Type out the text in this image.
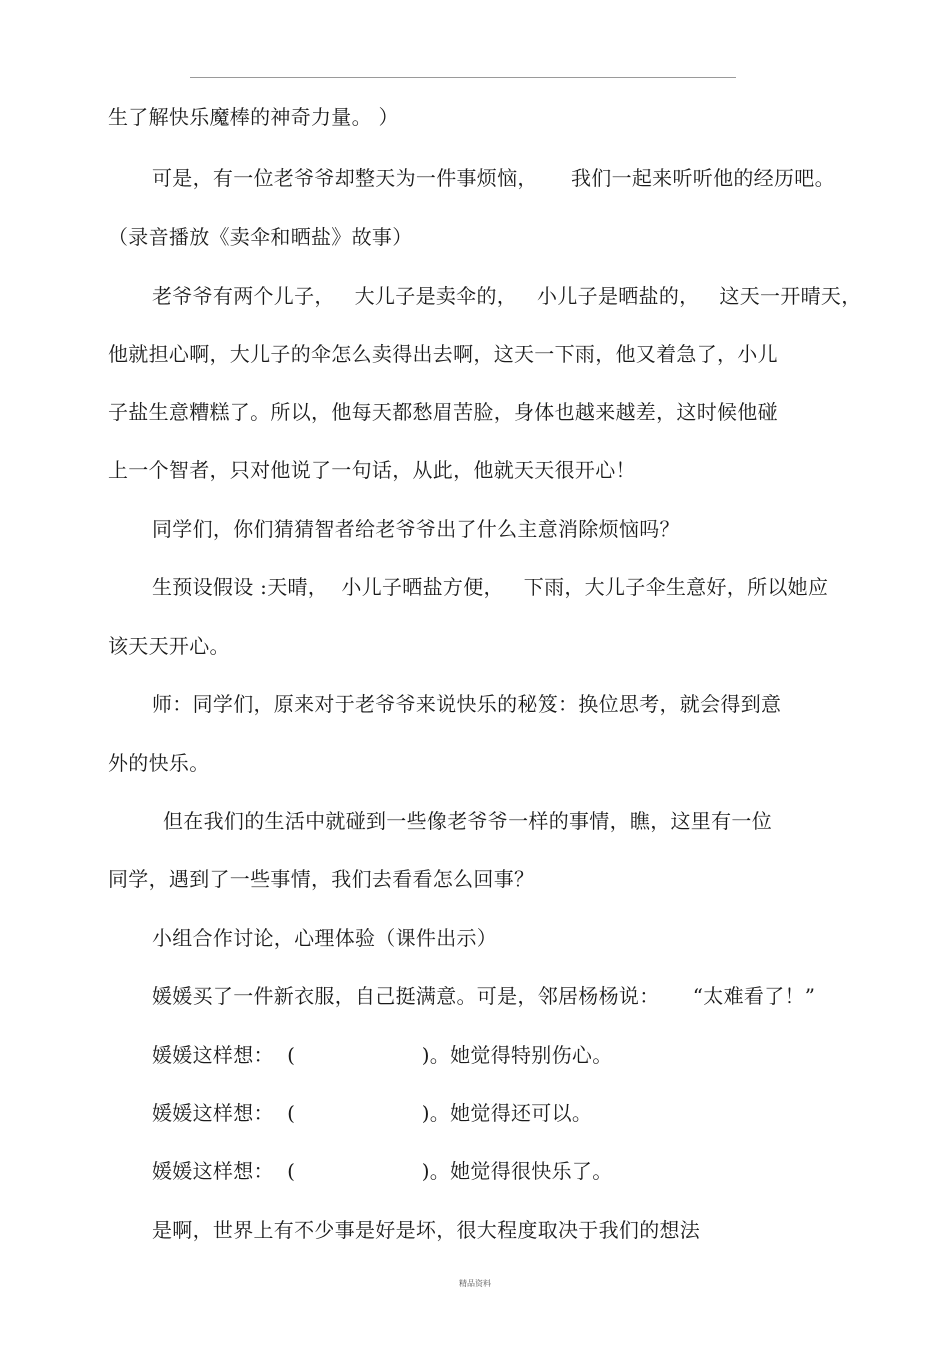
生了解快乐魔棒的神奇力量。 ）
可是，有一位老爷爷却整天为一件事烦恼，     我们一起来听听他的经历吧。
（录音播放《卖伞和晒盐》故事）
老爷爷有两个儿子，   大儿子是卖伞的，   小儿子是晒盐的，   这天一开晴天，
他就担心啊，大儿子的伞怎么卖得出去啊，这天一下雨，他又着急了，小儿
子盐生意糟糕了。所以，他每天都愁眉苦脸，身体也越来越差，这时候他碰
上一个智者，只对他说了一句话，从此，他就天天很开心！
同学们，你们猜猜智者给老爷爷出了什么主意消除烦恼吗？
生预设假设 :天晴，  小儿子晒盐方便，   下雨，大儿子伞生意好，所以她应
该天天开心。
师：同学们，原来对于老爷爷来说快乐的秘笈：换位思考，就会得到意
外的快乐。
但在我们的生活中就碰到一些像老爷爷一样的事情，瞧，这里有一位
同学，遇到了一些事情，我们去看看怎么回事？
小组合作讨论，心理体验（课件出示）
媛媛买了一件新衣服，自己挺满意。可是，邻居杨杨说：     “太难看了！”
媛媛这样想：  (                   )。她觉得特别伤心。
媛媛这样想：  (                   )。她觉得还可以。
媛媛这样想：  (                   )。她觉得很快乐了。
是啊，世界上有不少事是好是坏，很大程度取决于我们的想法
精品资料
